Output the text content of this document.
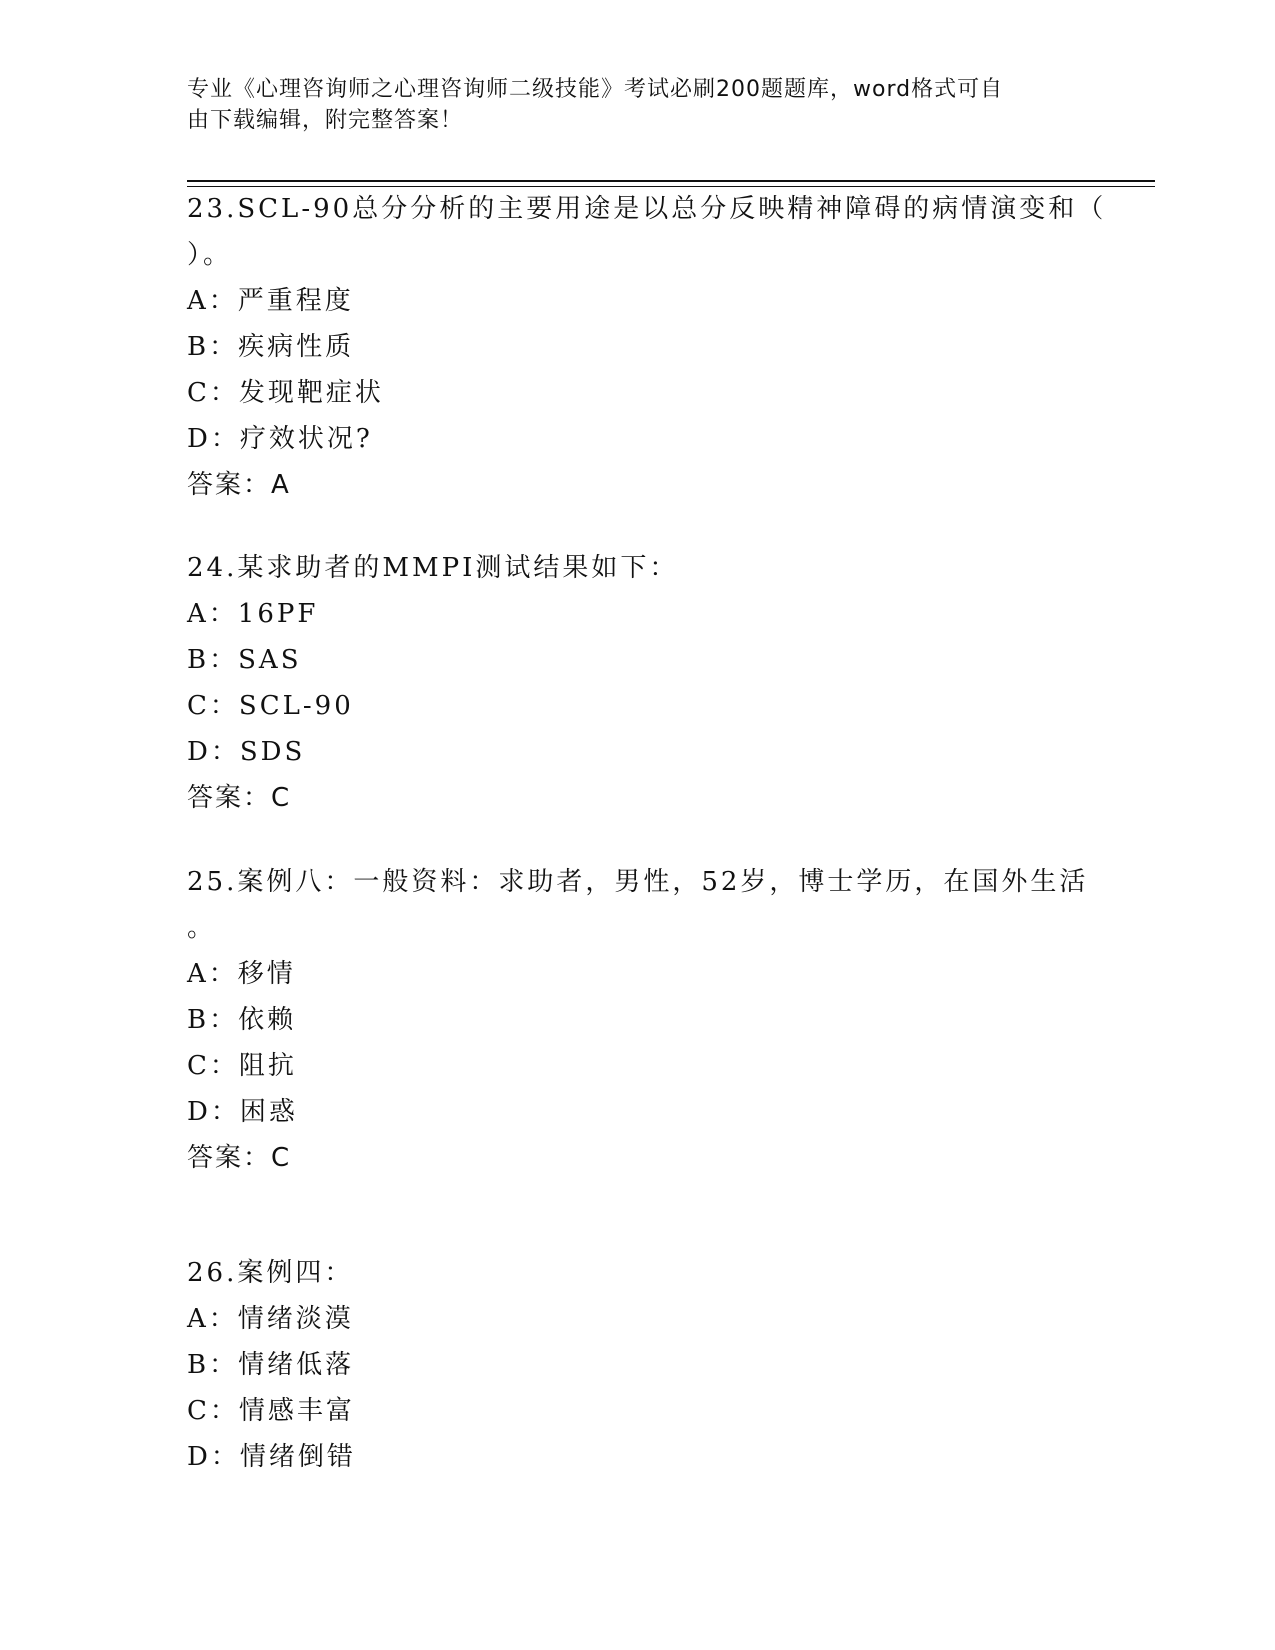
专业《心理咨询师之心理咨询师二级技能》考试必刷200题题库，word格式可自
由下载编辑，附完整答案！
23.SCL-90总分分析的主要用途是以总分反映精神障碍的病情演变和（
）。
A：严重程度
B：疾病性质
C：发现靶症状
D：疗效状况?
答案：A
24.某求助者的MMPI测试结果如下：
A：16PF
B：SAS
C：SCL-90
D：SDS
答案：C
25.案例八：一般资料：求助者，男性，52岁，博士学历，在国外生活
。
A：移情
B：依赖
C：阻抗
D：困惑
答案：C
26.案例四：
A：情绪淡漠
B：情绪低落
C：情感丰富
D：情绪倒错
